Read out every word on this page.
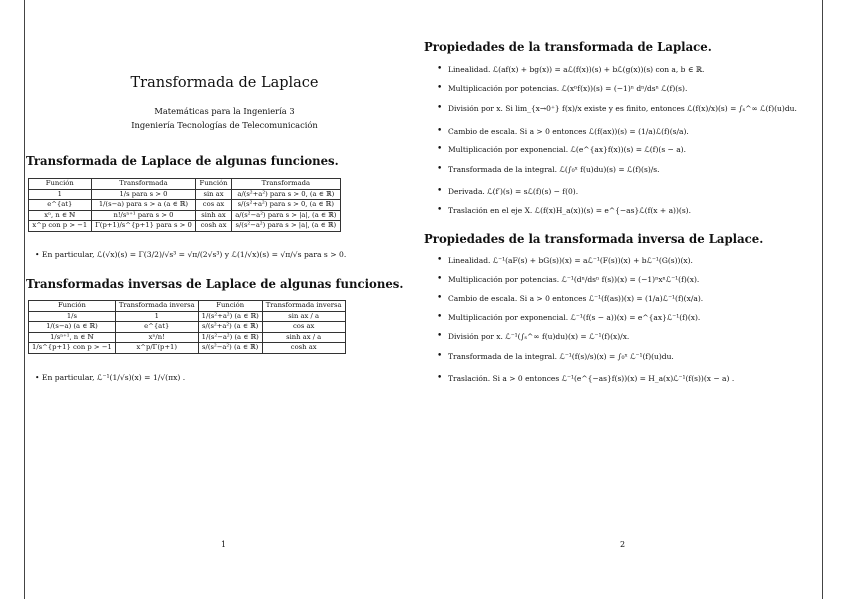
Transformada de Laplace
Matemáticas para la Ingeniería 3
Ingeniería Tecnologías de Telecomunicación
Transformada de Laplace de algunas funciones.
Función	Transformada	Función	Transformada
1	1/s para s > 0	sin ax	a/(s²+a²) para s > 0, (a ∈ ℝ)
e^{at}	1/(s−a) para s > a (a ∈ ℝ)	cos ax	s/(s²+a²) para s > 0, (a ∈ ℝ)
xⁿ, n ∈ ℕ	n!/sⁿ⁺¹ para s > 0	sinh ax	a/(s²−a²) para s > |a|, (a ∈ ℝ)
x^p con p > −1	Γ(p+1)/s^{p+1} para s > 0	cosh ax	s/(s²−a²) para s > |a|, (a ∈ ℝ)
• En particular, ℒ(√x)(s) = Γ(3/2)/√s³ = √π/(2√s³) y ℒ(1/√x)(s) = √π/√s para s > 0.
Transformadas inversas de Laplace de algunas funciones.
Función	Transformada inversa	Función	Transformada inversa
1/s	1	1/(s²+a²) (a ∈ ℝ)	sin ax / a
1/(s−a) (a ∈ ℝ)	e^{at}	s/(s²+a²) (a ∈ ℝ)	cos ax
1/sⁿ⁺¹, n ∈ ℕ	xⁿ/n!	1/(s²−a²) (a ∈ ℝ)	sinh ax / a
1/s^{p+1} con p > −1	x^p/Γ(p+1)	s/(s²−a²) (a ∈ ℝ)	cosh ax
• En particular, ℒ⁻¹(1/√s)(x) = 1/√(πx) .
1
Propiedades de la transformada de Laplace.
• Linealidad. ℒ(af(x) + bg(x)) = aℒ(f(x))(s) + bℒ(g(x))(s) con a, b ∈ ℝ.
• Multiplicación por potencias. ℒ(xⁿf(x))(s) = (−1)ⁿ dⁿ/dsⁿ ℒ(f)(s).
• División por x. Si lim_{x→0⁺} f(x)/x existe y es finito, entonces ℒ(f(x)/x)(s) = ∫ₛ^∞ ℒ(f)(u)du.
• Cambio de escala. Si a > 0 entonces ℒ(f(ax))(s) = (1/a)ℒ(f)(s/a).
• Multiplicación por exponencial. ℒ(e^{ax}f(x))(s) = ℒ(f)(s − a).
• Transformada de la integral. ℒ(∫₀ˣ f(u)du)(s) = ℒ(f)(s)/s.
• Derivada. ℒ(f′)(s) = sℒ(f)(s) − f(0).
• Traslación en el eje X. ℒ(f(x)H_a(x))(s) = e^{−as}ℒ(f(x + a))(s).
Propiedades de la transformada inversa de Laplace.
• Linealidad. ℒ⁻¹(aF(s) + bG(s))(x) = aℒ⁻¹(F(s))(x) + bℒ⁻¹(G(s))(x).
• Multiplicación por potencias. ℒ⁻¹(dⁿ/dsⁿ f(s))(x) = (−1)ⁿxⁿℒ⁻¹(f)(x).
• Cambio de escala. Si a > 0 entonces ℒ⁻¹(f(as))(x) = (1/a)ℒ⁻¹(f)(x/a).
• Multiplicación por exponencial. ℒ⁻¹(f(s − a))(x) = e^{ax}ℒ⁻¹(f)(x).
• División por x. ℒ⁻¹(∫ₛ^∞ f(u)du)(x) = ℒ⁻¹(f)(x)/x.
• Transformada de la integral. ℒ⁻¹(f(s)/s)(x) = ∫₀ˣ ℒ⁻¹(f)(u)du.
• Traslación. Si a > 0 entonces ℒ⁻¹(e^{−as}f(s))(x) = H_a(x)ℒ⁻¹(f(s))(x − a) .
2
